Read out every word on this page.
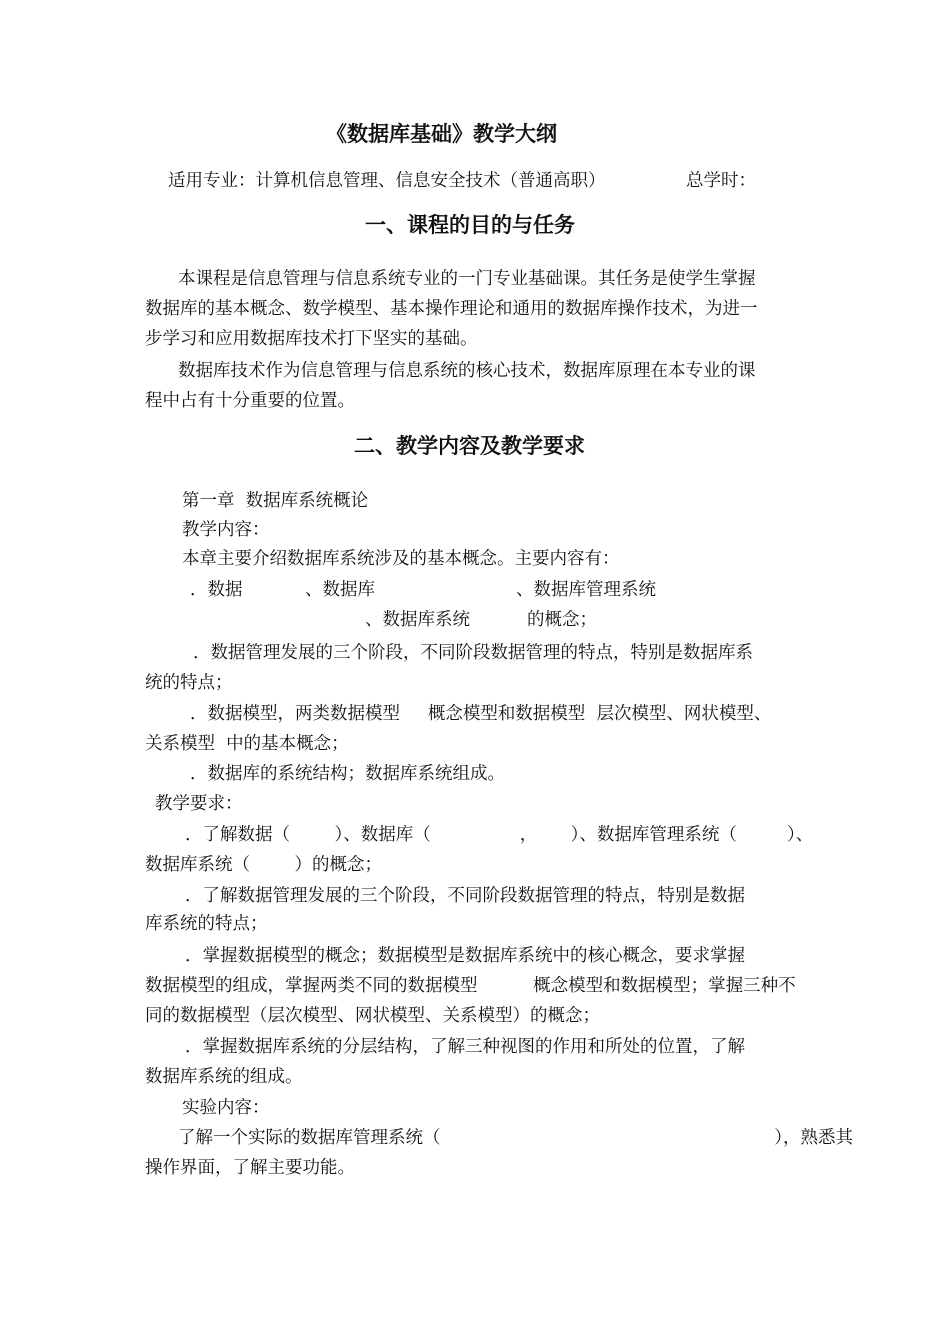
《数据库基础》教学大纲
适用专业：计算机信息管理、信息安全技术（普通高职）	总学时：
一、课程的目的与任务
本课程是信息管理与信息系统专业的一门专业基础课。其任务是使学生掌握
数据库的基本概念、数学模型、基本操作理论和通用的数据库操作技术，为进一
步学习和应用数据库技术打下坚实的基础。
数据库技术作为信息管理与信息系统的核心技术，数据库原理在本专业的课
程中占有十分重要的位置。
二、教学内容及教学要求
第一章  数据库系统概论
教学内容：
本章主要介绍数据库系统涉及的基本概念。主要内容有：
．数据	、数据库	、数据库管理系统
、数据库系统	的概念；
．数据管理发展的三个阶段，不同阶段数据管理的特点，特别是数据库系
统的特点；
．数据模型，两类数据模型     概念模型和数据模型  层次模型、网状模型、
关系模型  中的基本概念；
．数据库的系统结构；数据库系统组成。
教学要求：
．了解数据（        ）、数据库（                ，      ）、数据库管理系统（         ）、
数据库系统（        ）的概念；
．了解数据管理发展的三个阶段，不同阶段数据管理的特点，特别是数据
库系统的特点；
．掌握数据模型的概念；数据模型是数据库系统中的核心概念，要求掌握
数据模型的组成，掌握两类不同的数据模型          概念模型和数据模型；掌握三种不
同的数据模型（层次模型、网状模型、关系模型）的概念；
．掌握数据库系统的分层结构，了解三种视图的作用和所处的位置，了解
数据库系统的组成。
实验内容：
了解一个实际的数据库管理系统（                                                            ），熟悉其
操作界面，了解主要功能。
